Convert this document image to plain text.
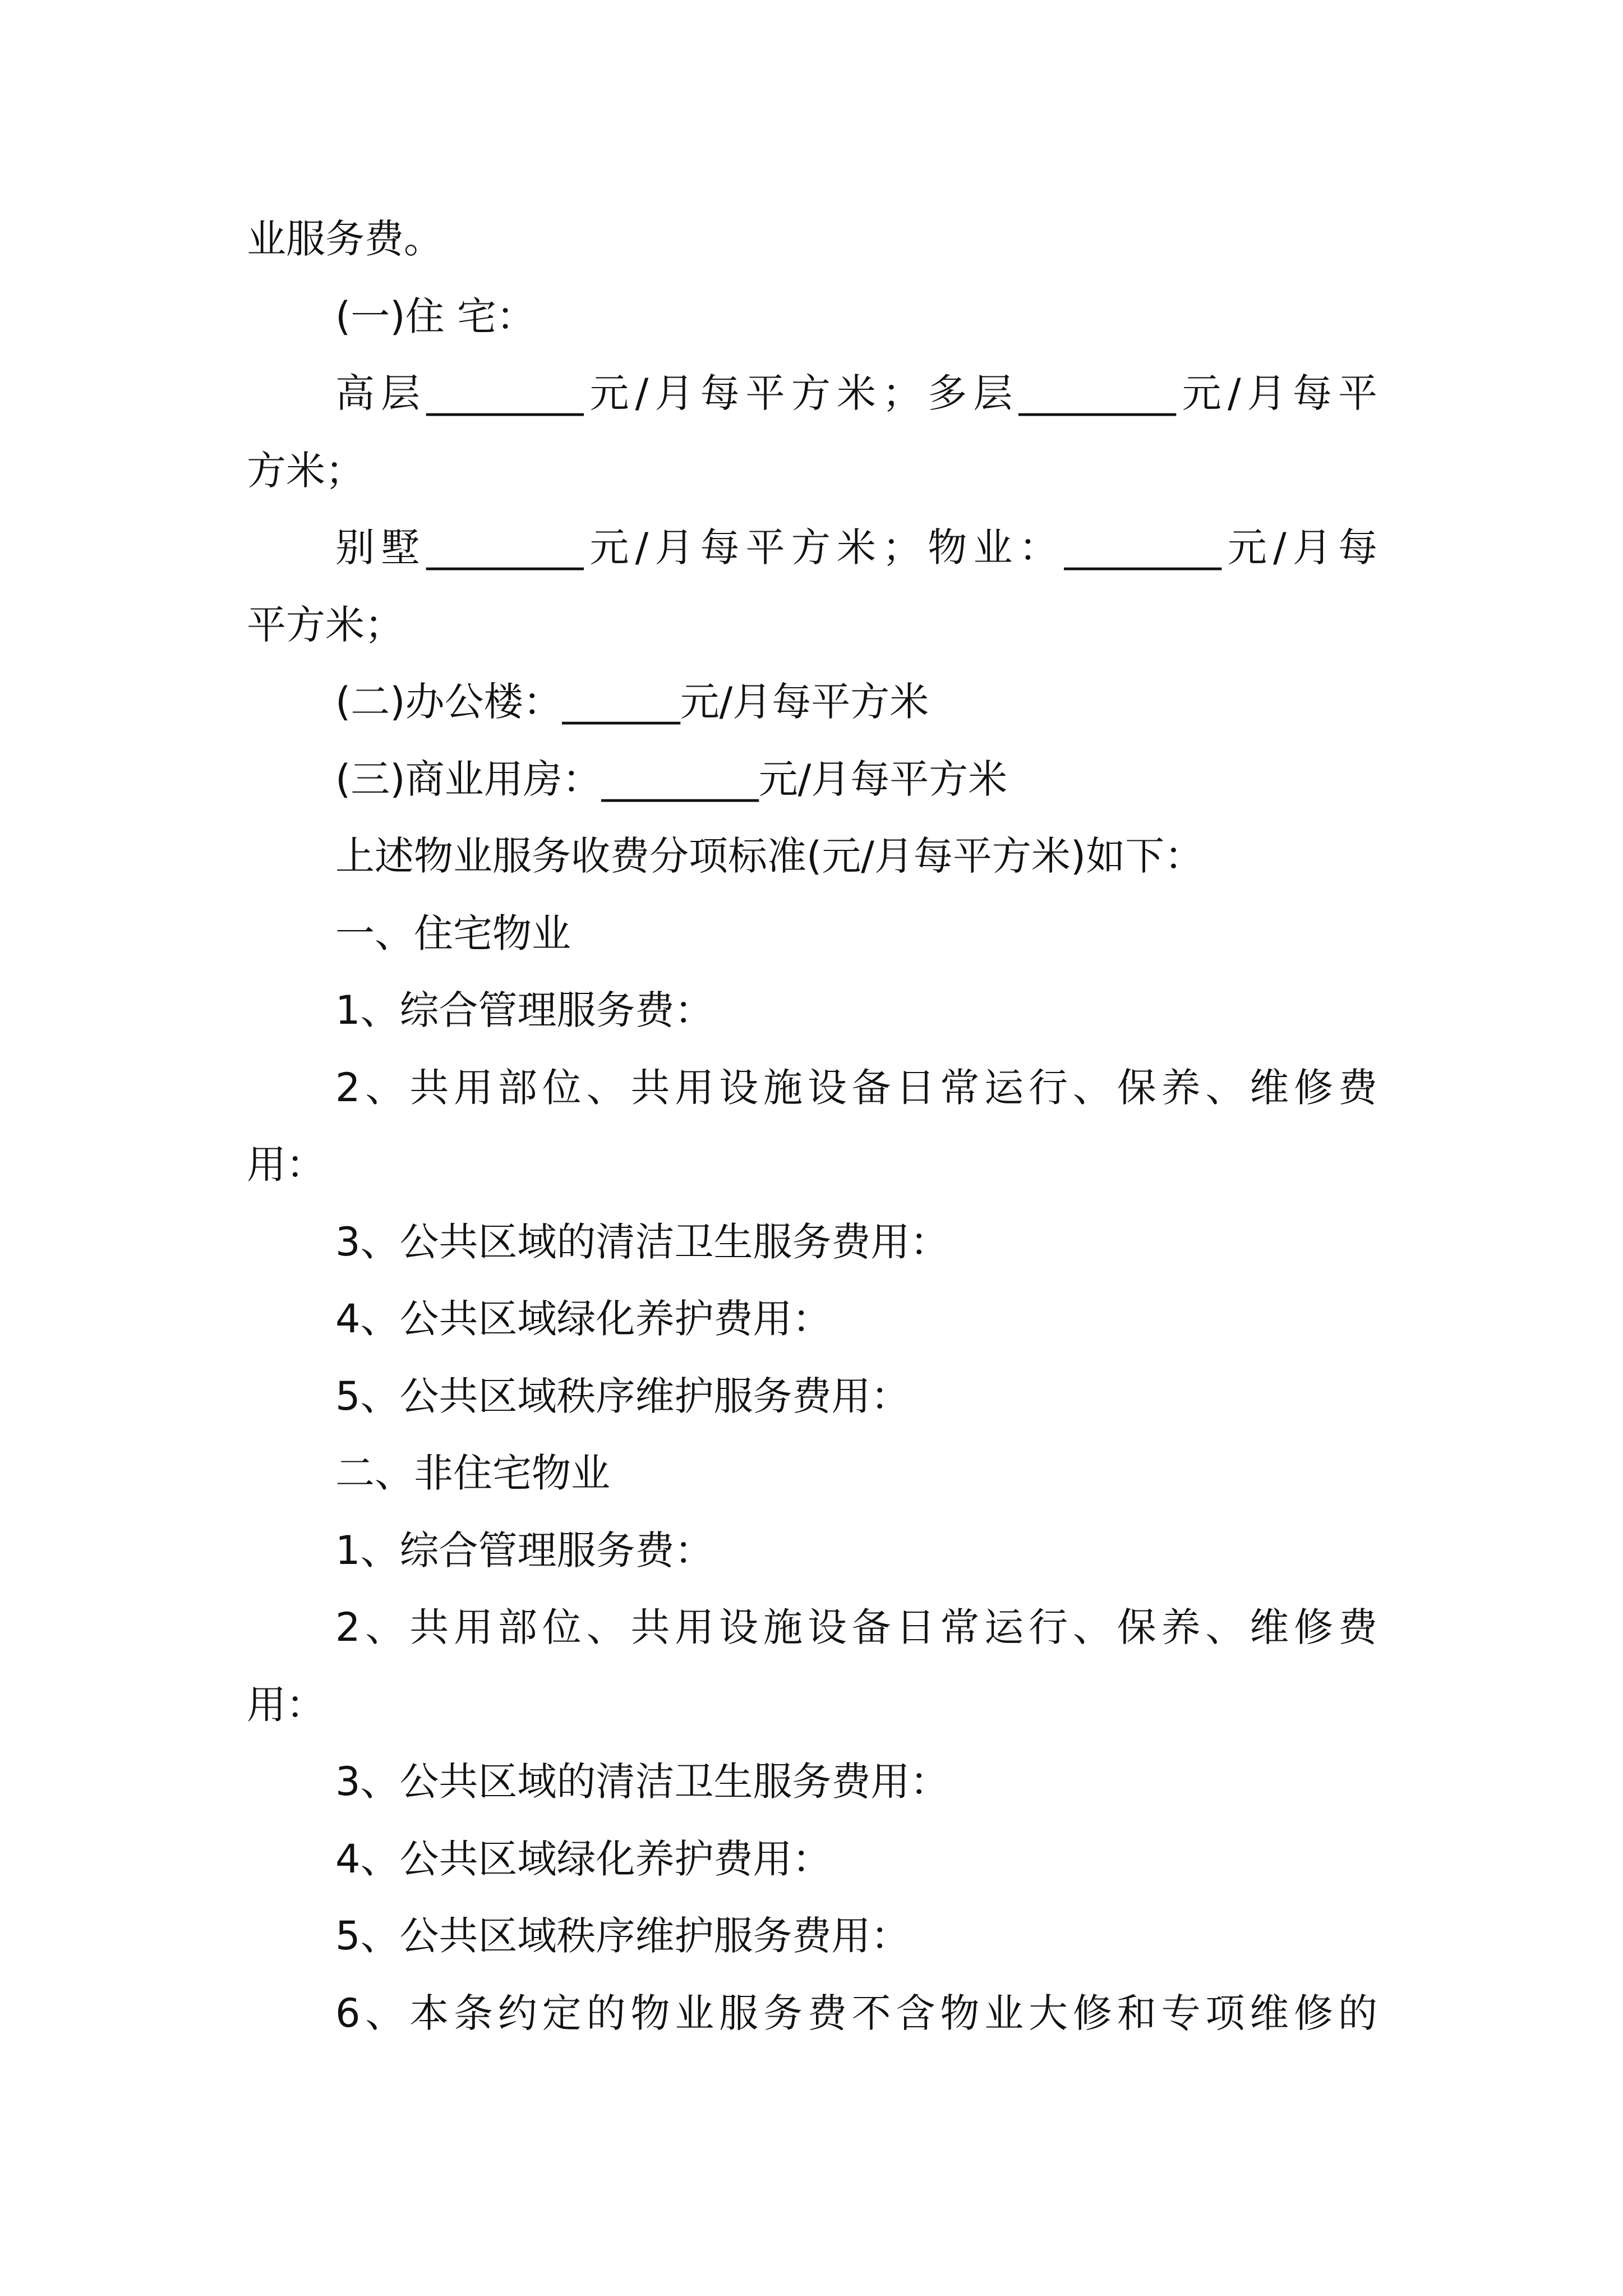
业服务费。
(一)住 宅：
高层________元/月每平方米；多层________元/月每平
方米；
别墅________元/月每平方米；物业：________元/月每
平方米；
(二)办公楼：______元/月每平方米
(三)商业用房：________元/月每平方米
上述物业服务收费分项标准(元/月每平方米)如下：
一、住宅物业
1、综合管理服务费：
2、共用部位、共用设施设备日常运行、保养、维修费
用：
3、公共区域的清洁卫生服务费用：
4、公共区域绿化养护费用：
5、公共区域秩序维护服务费用：
二、非住宅物业
1、综合管理服务费：
2、共用部位、共用设施设备日常运行、保养、维修费
用：
3、公共区域的清洁卫生服务费用：
4、公共区域绿化养护费用：
5、公共区域秩序维护服务费用：
6、本条约定的物业服务费不含物业大修和专项维修的
